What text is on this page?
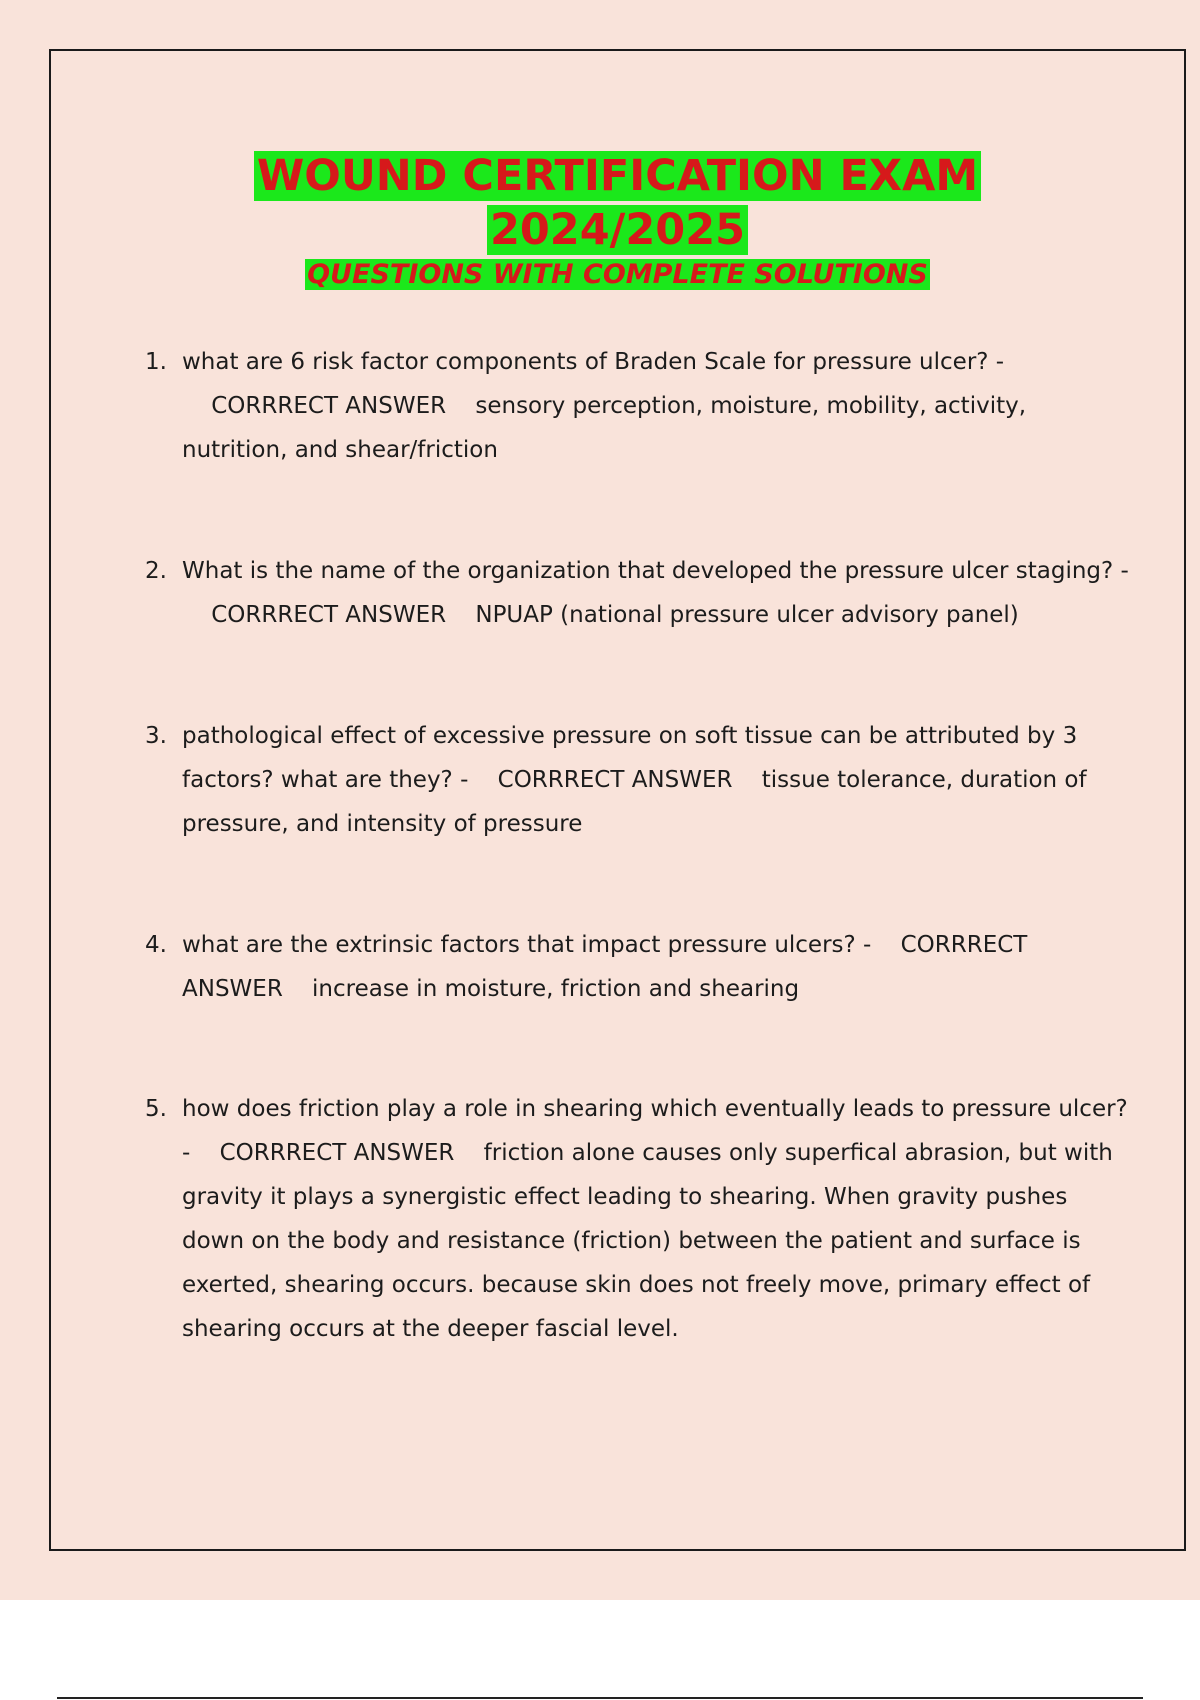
WOUND CERTIFICATION EXAM
2024/2025
QUESTIONS WITH COMPLETE SOLUTIONS
1. what are 6 risk factor components of Braden Scale for pressure ulcer? -    CORRRECT ANSWER sensory perception, moisture, mobility, activity, nutrition, and shear/friction
2. What is the name of the organization that developed the pressure ulcer staging? -    CORRRECT ANSWER NPUAP (national pressure ulcer advisory panel)
3. pathological effect of excessive pressure on soft tissue can be attributed by 3 factors? what are they? - CORRRECT ANSWER tissue tolerance, duration of pressure, and intensity of pressure
4. what are the extrinsic factors that impact pressure ulcers? - CORRRECT ANSWER increase in moisture, friction and shearing
5. how does friction play a role in shearing which eventually leads to pressure ulcer? - CORRRECT ANSWER friction alone causes only superfical abrasion, but with gravity it plays a synergistic effect leading to shearing. When gravity pushes down on the body and resistance (friction) between the patient and surface is exerted, shearing occurs. because skin does not freely move, primary effect of shearing occurs at the deeper fascial level.
